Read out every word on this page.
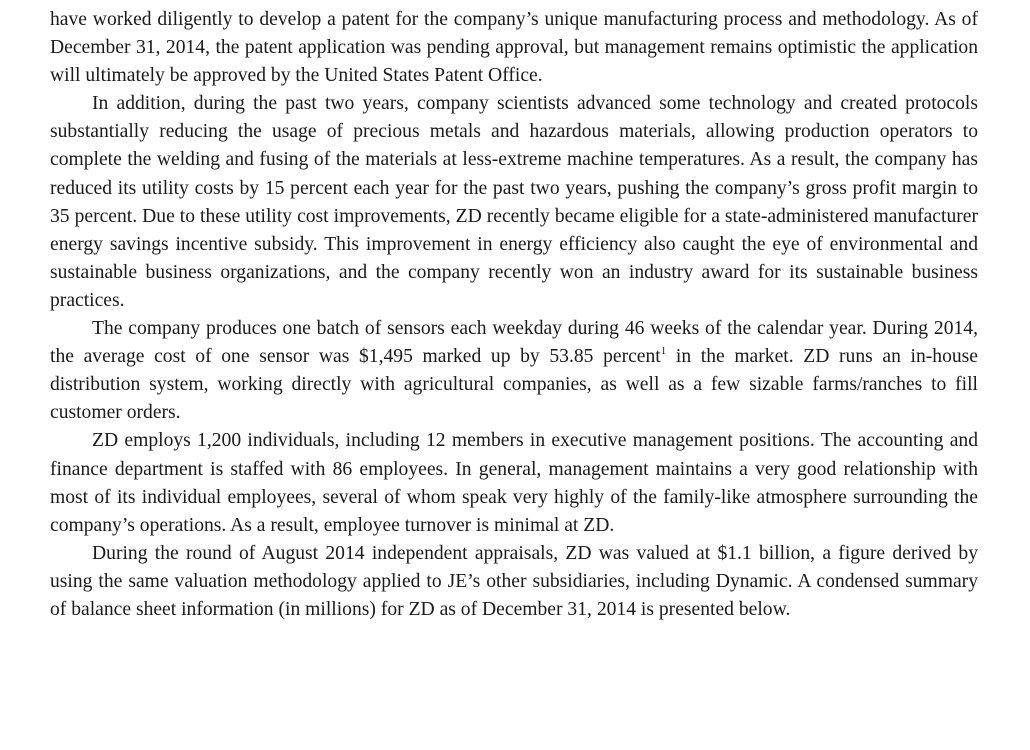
have worked diligently to develop a patent for the company’s unique manufacturing process and methodology. As of December 31, 2014, the patent application was pending approval, but management remains optimistic the application will ultimately be approved by the United States Patent Office.

In addition, during the past two years, company scientists advanced some technology and created protocols substantially reducing the usage of precious metals and hazardous materials, allowing production operators to complete the welding and fusing of the materials at less-extreme machine temperatures. As a result, the company has reduced its utility costs by 15 percent each year for the past two years, pushing the company’s gross profit margin to 35 percent. Due to these utility cost improvements, ZD recently became eligible for a state-administered manufacturer energy savings incentive subsidy. This improvement in energy efficiency also caught the eye of environmental and sustainable business organizations, and the company recently won an industry award for its sustainable business practices.

The company produces one batch of sensors each weekday during 46 weeks of the calendar year. During 2014, the average cost of one sensor was $1,495 marked up by 53.85 percent$^1$ in the market. ZD runs an in-house distribution system, working directly with agricultural companies, as well as a few sizable farms/ranches to fill customer orders.

ZD employs 1,200 individuals, including 12 members in executive management positions. The accounting and finance department is staffed with 86 employees. In general, management maintains a very good relationship with most of its individual employees, several of whom speak very highly of the family-like atmosphere surrounding the company’s operations. As a result, employee turnover is minimal at ZD.

During the round of August 2014 independent appraisals, ZD was valued at $1.1 billion, a figure derived by using the same valuation methodology applied to JE’s other subsidiaries, including Dynamic. A condensed summary of balance sheet information (in millions) for ZD as of December 31, 2014 is presented below.
